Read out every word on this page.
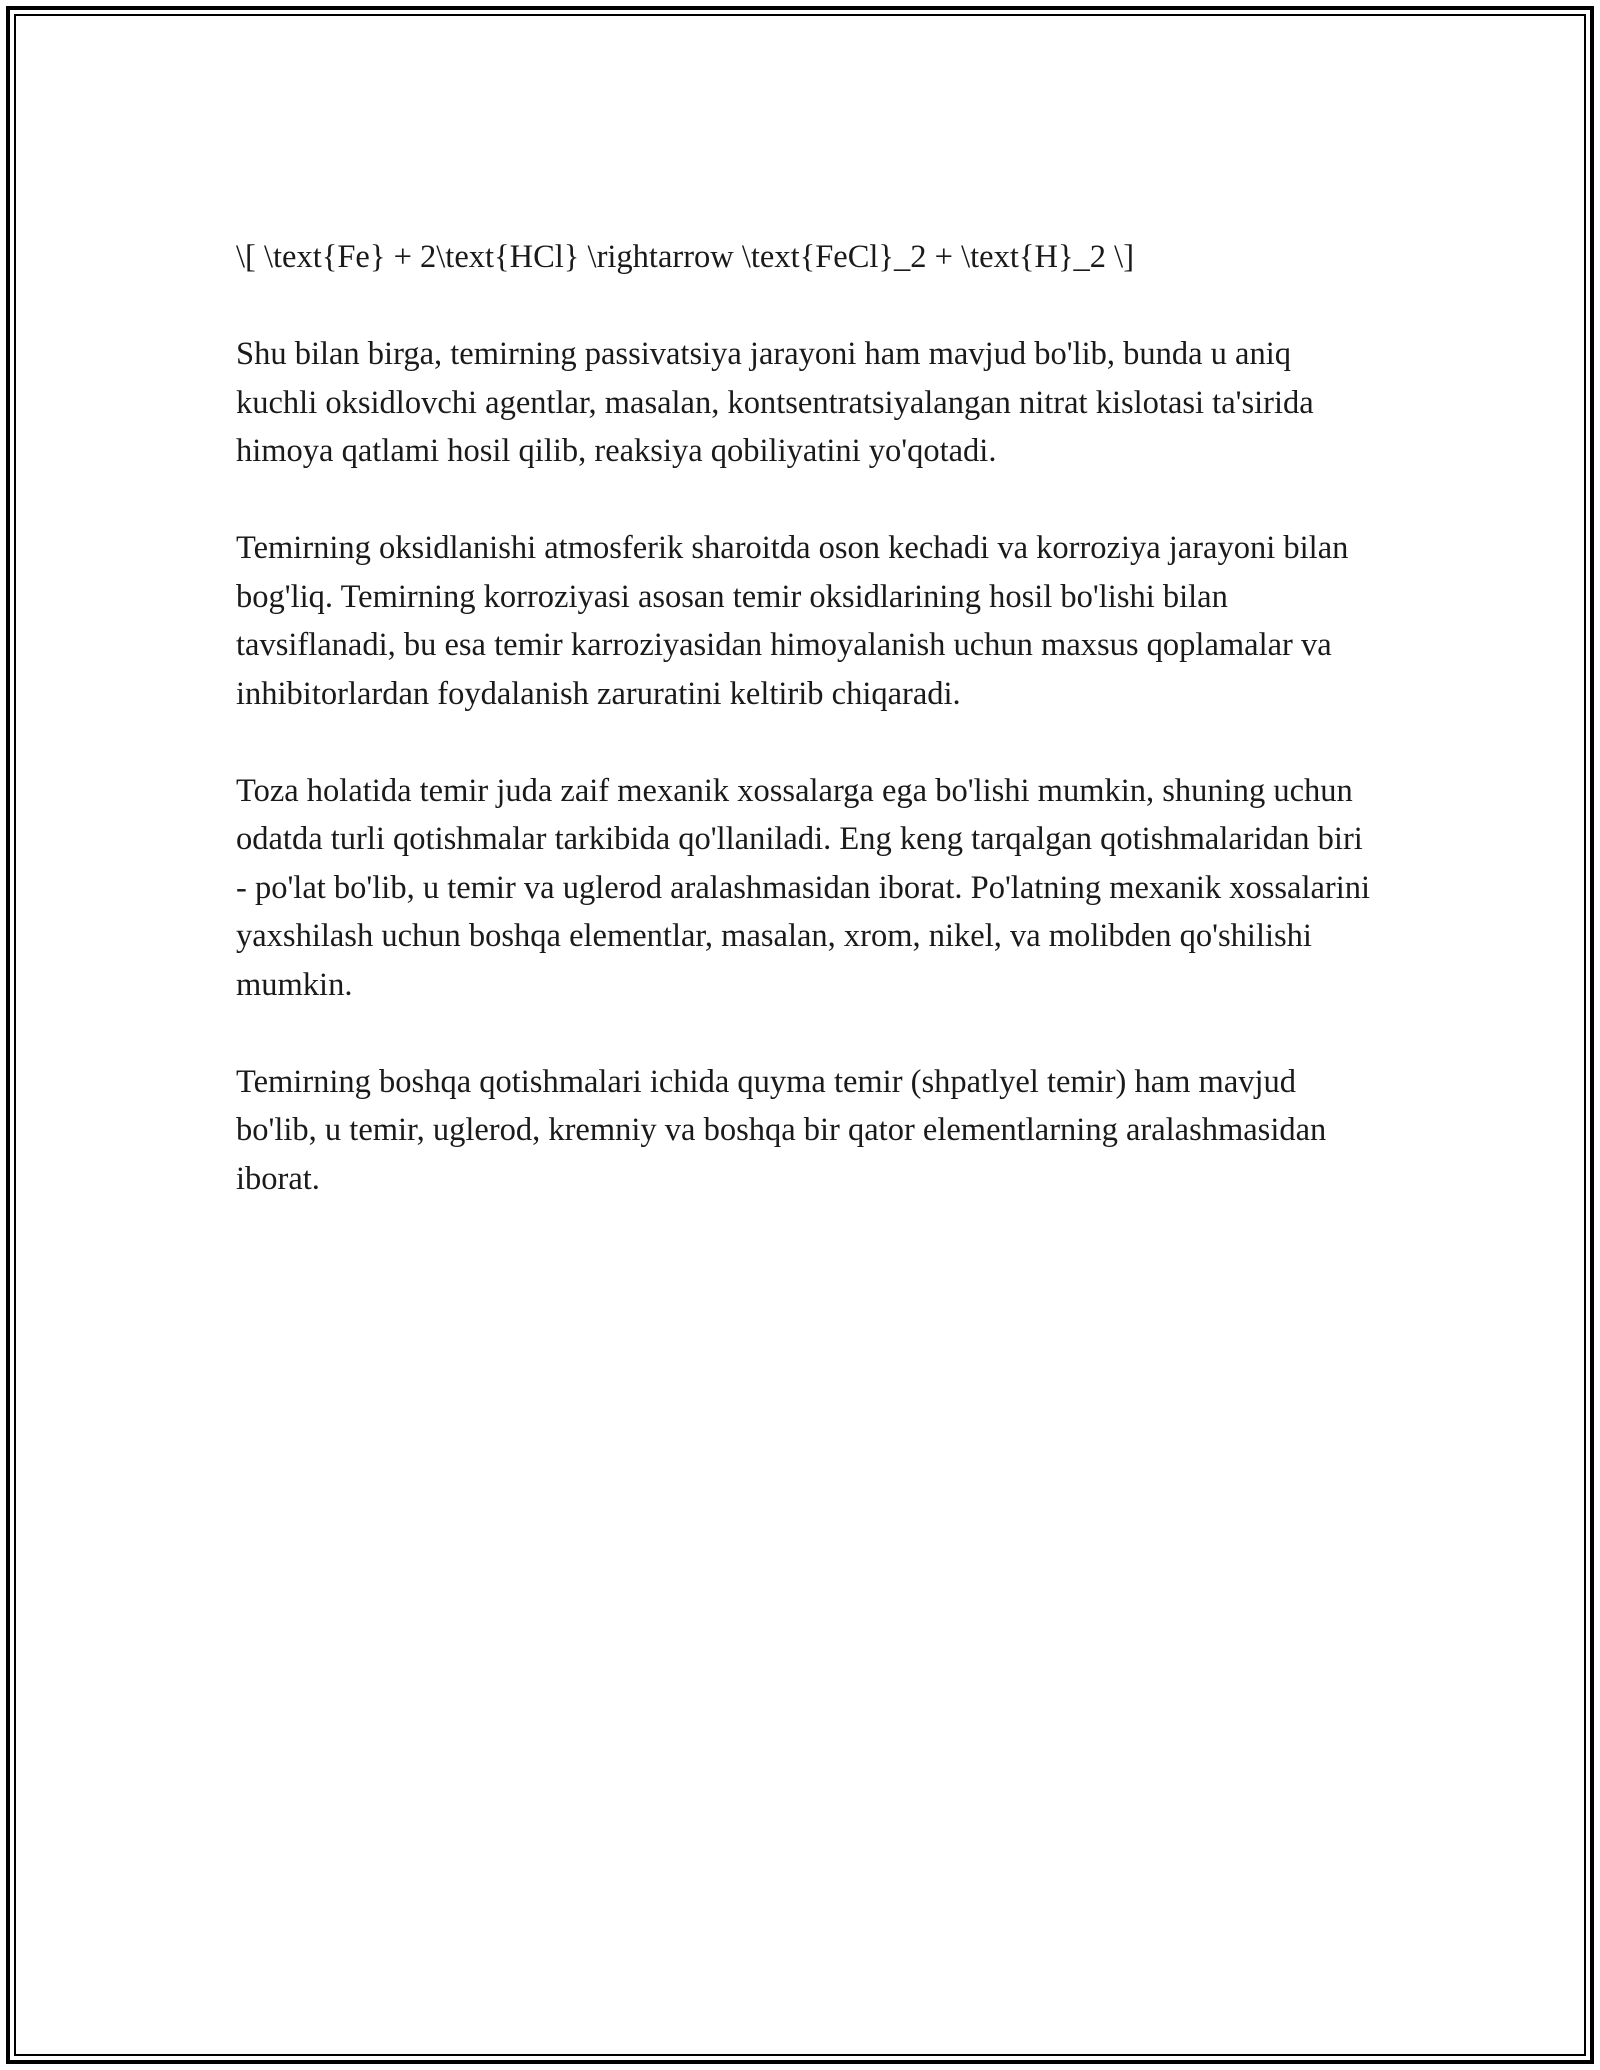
\[ \text{Fe} + 2\text{HCl} \rightarrow \text{FeCl}_2 + \text{H}_2 \]

Shu bilan birga, temirning passivatsiya jarayoni ham mavjud bo'lib, bunda u aniq kuchli oksidlovchi agentlar, masalan, kontsentratsiyalangan nitrat kislotasi ta'sirida himoya qatlami hosil qilib, reaksiya qobiliyatini yo'qotadi.

Temirning oksidlanishi atmosferik sharoitda oson kechadi va korroziya jarayoni bilan bog'liq. Temirning korroziyasi asosan temir oksidlarining hosil bo'lishi bilan tavsiflanadi, bu esa temir karroziyasidan himoyalanish uchun maxsus qoplamalar va inhibitorlardan foydalanish zaruratini keltirib chiqaradi.

Toza holatida temir juda zaif mexanik xossalarga ega bo'lishi mumkin, shuning uchun odatda turli qotishmalar tarkibida qo'llaniladi. Eng keng tarqalgan qotishmalaridan biri - po'lat bo'lib, u temir va uglerod aralashmasidan iborat. Po'latning mexanik xossalarini yaxshilash uchun boshqa elementlar, masalan, xrom, nikel, va molibden qo'shilishi mumkin.

Temirning boshqa qotishmalari ichida quyma temir (shpatlyel temir) ham mavjud bo'lib, u temir, uglerod, kremniy va boshqa bir qator elementlarning aralashmasidan iborat.
